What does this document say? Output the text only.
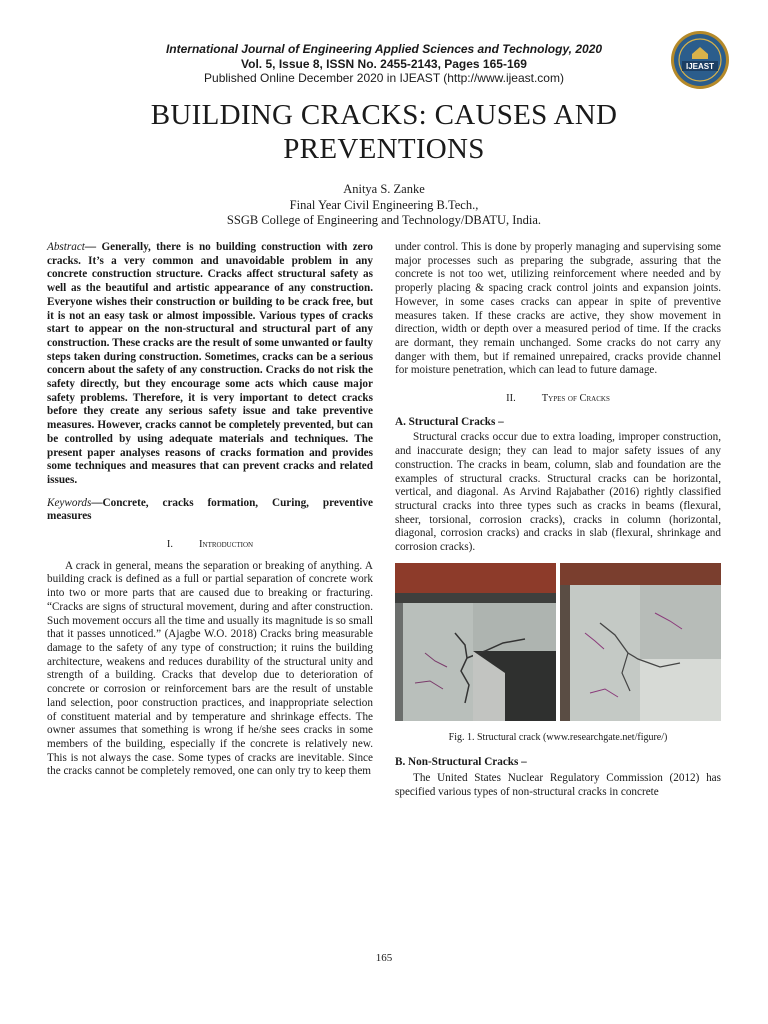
International Journal of Engineering Applied Sciences and Technology, 2020
Vol. 5, Issue 8, ISSN No. 2455-2143, Pages 165-169
Published Online December 2020 in IJEAST (http://www.ijeast.com)
IJEAST
BUILDING CRACKS: CAUSES AND
PREVENTIONS
Anitya S. Zanke
Final Year Civil Engineering B.Tech.,
SSGB College of Engineering and Technology/DBATU, India.

Abstract— Generally, there is no building construction with zero cracks. It’s a very common and unavoidable problem in any concrete construction structure. Cracks affect structural safety as well as the beautiful and artistic appearance of any construction. Everyone wishes their construction or building to be crack free, but it is not an easy task or almost impossible. Various types of cracks start to appear on the non-structural and structural part of any construction. These cracks are the result of some unwanted or faulty steps taken during construction. Sometimes, cracks can be a serious concern about the safety of any construction. Cracks do not risk the safety directly, but they encourage some acts which cause major safety problems. Therefore, it is very important to detect cracks before they create any serious safety issue and take preventive measures. However, cracks cannot be completely prevented, but can be controlled by using adequate materials and techniques. The present paper analyses reasons of cracks formation and provides some techniques and measures that can prevent cracks and related issues.

Keywords—Concrete, cracks formation, Curing, preventive measures

I. Introduction

A crack in general, means the separation or breaking of anything. A building crack is defined as a full or partial separation of concrete work into two or more parts that are caused due to breaking or fracturing. “Cracks are signs of structural movement, during and after construction. Such movement occurs all the time and usually its magnitude is so small that it passes unnoticed.” (Ajagbe W.O. 2018) Cracks bring measurable damage to the safety of any type of construction; it ruins the building architecture, weakens and reduces durability of the structural unity and strength of a building. Cracks that develop due to deterioration of concrete or corrosion or reinforcement bars are the result of unstable land selection, poor construction practices, and inappropriate selection of constituent material and by temperature and shrinkage effects. The owner assumes that something is wrong if he/she sees cracks in some members of the building, especially if the concrete is relatively new. This is not always the case. Some types of cracks are inevitable. Since the cracks cannot be completely removed, one can only try to keep them

under control. This is done by properly managing and supervising some major processes such as preparing the subgrade, assuring that the concrete is not too wet, utilizing reinforcement where needed and by properly placing & spacing crack control joints and expansion joints. However, in some cases cracks can appear in spite of preventive measures taken. If these cracks are active, they show movement in direction, width or depth over a measured period of time. If the cracks are dormant, they remain unchanged. Some cracks do not carry any danger with them, but if remained unrepaired, cracks provide channel for moisture penetration, which can lead to future damage.

II. Types of Cracks

A. Structural Cracks –

Structural cracks occur due to extra loading, improper construction, and inaccurate design; they can lead to major safety issues of any construction. The cracks in beam, column, slab and foundation are the examples of structural cracks. Structural cracks can be horizontal, vertical, and diagonal. As Arvind Rajabather (2016) rightly classified structural cracks into three types such as cracks in beams (flexural, sheer, torsional, corrosion cracks), cracks in column (horizontal, diagonal, corrosion cracks) and cracks in slab (flexural, shrinkage and corrosion cracks).

Fig. 1. Structural crack (www.researchgate.net/figure/)

B. Non-Structural Cracks –

The United States Nuclear Regulatory Commission (2012) has specified various types of non-structural cracks in concrete

165
